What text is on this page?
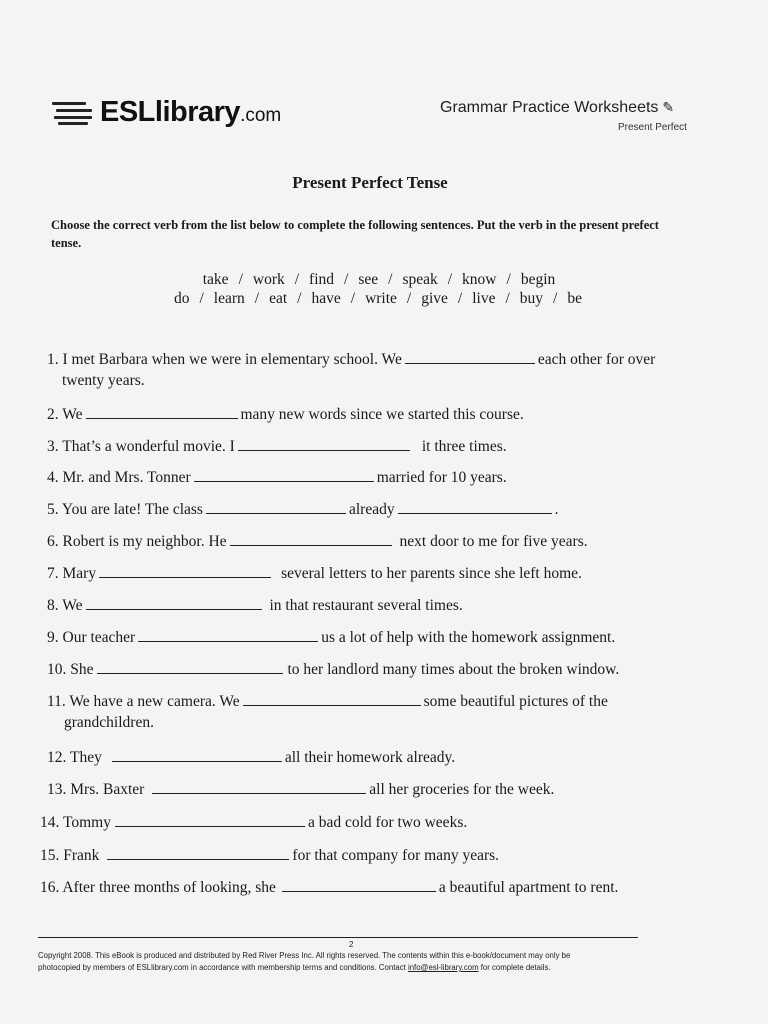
ESLlibrary.com	Grammar Practice Worksheets ✎
Present Perfect
Present Perfect Tense
Choose the correct verb from the list below to complete the following sentences. Put the verb in the present prefect tense.
take / work / find / see / speak / know / begin
do / learn / eat / have / write / give / live / buy / be
1. I met Barbara when we were in elementary school. We	each other for over
twenty years.
2. We	many new words since we started this course.
3. That’s a wonderful movie. I	it three times.
4. Mr. and Mrs. Tonner	married for 10 years.
5. You are late! The class	already	.
6. Robert is my neighbor. He	next door to me for five years.
7. Mary	several letters to her parents since she left home.
8. We	in that restaurant several times.
9. Our teacher	us a lot of help with the homework assignment.
10. She	to her landlord many times about the broken window.
11. We have a new camera. We	some beautiful pictures of the
grandchildren.
12. They	all their homework already.
13. Mrs. Baxter	all her groceries for the week.
14. Tommy	a bad cold for two weeks.
15. Frank	for that company for many years.
16. After three months of looking, she	a beautiful apartment to rent.
2
Copyright 2008. This eBook is produced and distributed by Red River Press Inc. All rights reserved. The contents within this e-book/document may only be
photocopied by members of ESLlibrary.com in accordance with membership terms and conditions. Contact info@esl-library.com for complete details.
